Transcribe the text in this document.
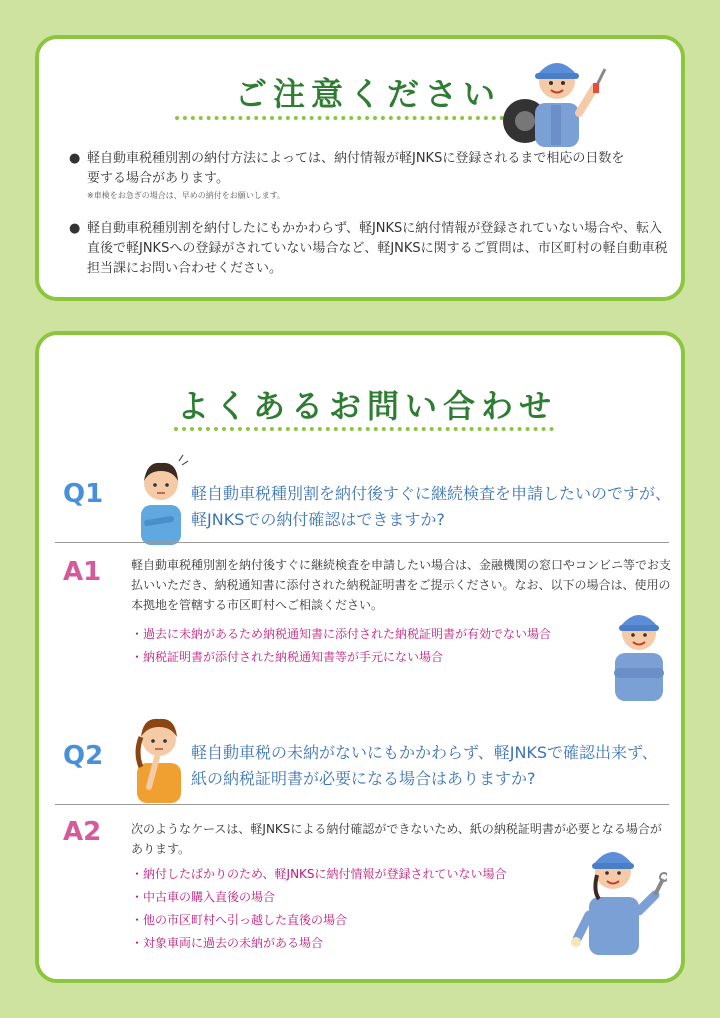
ご注意ください
● 軽自動車税種別割の納付方法によっては、納付情報が軽JNKSに登録されるまで相応の日数を要する場合があります。

※車検をお急ぎの場合は、早めの納付をお願いします。

● 軽自動車税種別割を納付したにもかかわらず、軽JNKSに納付情報が登録されていない場合や、転入直後で軽JNKSへの登録がされていない場合など、軽JNKSに関するご質問は、市区町村の軽自動車税担当課にお問い合わせください。

よくあるお問い合わせ
Q1	軽自動車税種別割を納付後すぐに継続検査を申請したいのですが、軽JNKSでの納付確認はできますか?

A1 軽自動車税種別割を納付後すぐに継続検査を申請したい場合は、金融機関の窓口やコンビニ等でお支払いいただき、納税通知書に添付された納税証明書をご提示ください。なお、以下の場合は、使用の本拠地を管轄する市区町村へご相談ください。

・ 過去に未納があるため納税通知書に添付された納税証明書が有効でない場合
・ 納税証明書が添付された納税通知書等が手元にない場合
Q2	軽自動車税の未納がないにもかかわらず、軽JNKSで確認出来ず、紙の納税証明書が必要になる場合はありますか?

A2 次のようなケースは、軽JNKSによる納付確認ができないため、紙の納税証明書が必要となる場合があります。

・ 納付したばかりのため、軽JNKSに納付情報が登録されていない場合
・ 中古車の購入直後の場合
・ 他の市区町村へ引っ越した直後の場合
・ 対象車両に過去の未納がある場合
